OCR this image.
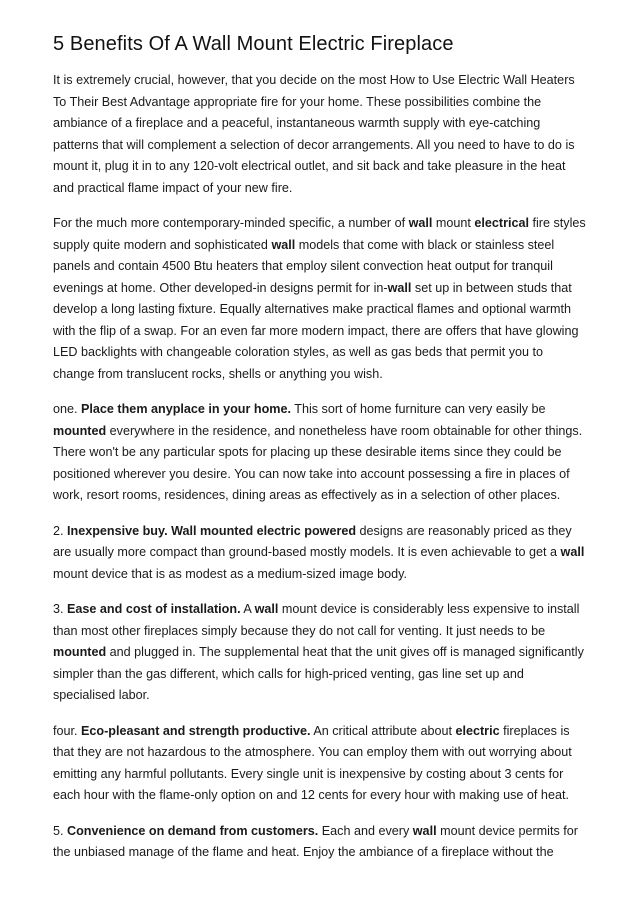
5 Benefits Of A Wall Mount Electric Fireplace

It is extremely crucial, however, that you decide on the most How to Use Electric Wall Heaters To Their Best Advantage appropriate fire for your home. These possibilities combine the ambiance of a fireplace and a peaceful, instantaneous warmth supply with eye-catching patterns that will complement a selection of decor arrangements. All you need to have to do is mount it, plug it in to any 120-volt electrical outlet, and sit back and take pleasure in the heat and practical flame impact of your new fire.

For the much more contemporary-minded specific, a number of wall mount electrical fire styles supply quite modern and sophisticated wall models that come with black or stainless steel panels and contain 4500 Btu heaters that employ silent convection heat output for tranquil evenings at home. Other developed-in designs permit for in-wall set up in between studs that develop a long lasting fixture. Equally alternatives make practical flames and optional warmth with the flip of a swap. For an even far more modern impact, there are offers that have glowing LED backlights with changeable coloration styles, as well as gas beds that permit you to change from translucent rocks, shells or anything you wish.

one. Place them anyplace in your home. This sort of home furniture can very easily be mounted everywhere in the residence, and nonetheless have room obtainable for other things. There won't be any particular spots for placing up these desirable items since they could be positioned wherever you desire. You can now take into account possessing a fire in places of work, resort rooms, residences, dining areas as effectively as in a selection of other places.

2. Inexpensive buy. Wall mounted electric powered designs are reasonably priced as they are usually more compact than ground-based mostly models. It is even achievable to get a wall mount device that is as modest as a medium-sized image body.

3. Ease and cost of installation. A wall mount device is considerably less expensive to install than most other fireplaces simply because they do not call for venting. It just needs to be mounted and plugged in. The supplemental heat that the unit gives off is managed significantly simpler than the gas different, which calls for high-priced venting, gas line set up and specialised labor.

four. Eco-pleasant and strength productive. An critical attribute about electric fireplaces is that they are not hazardous to the atmosphere. You can employ them with out worrying about emitting any harmful pollutants. Every single unit is inexpensive by costing about 3 cents for each hour with the flame-only option on and 12 cents for every hour with making use of heat.

5. Convenience on demand from customers. Each and every wall mount device permits for the unbiased manage of the flame and heat. Enjoy the ambiance of a fireplace without the
